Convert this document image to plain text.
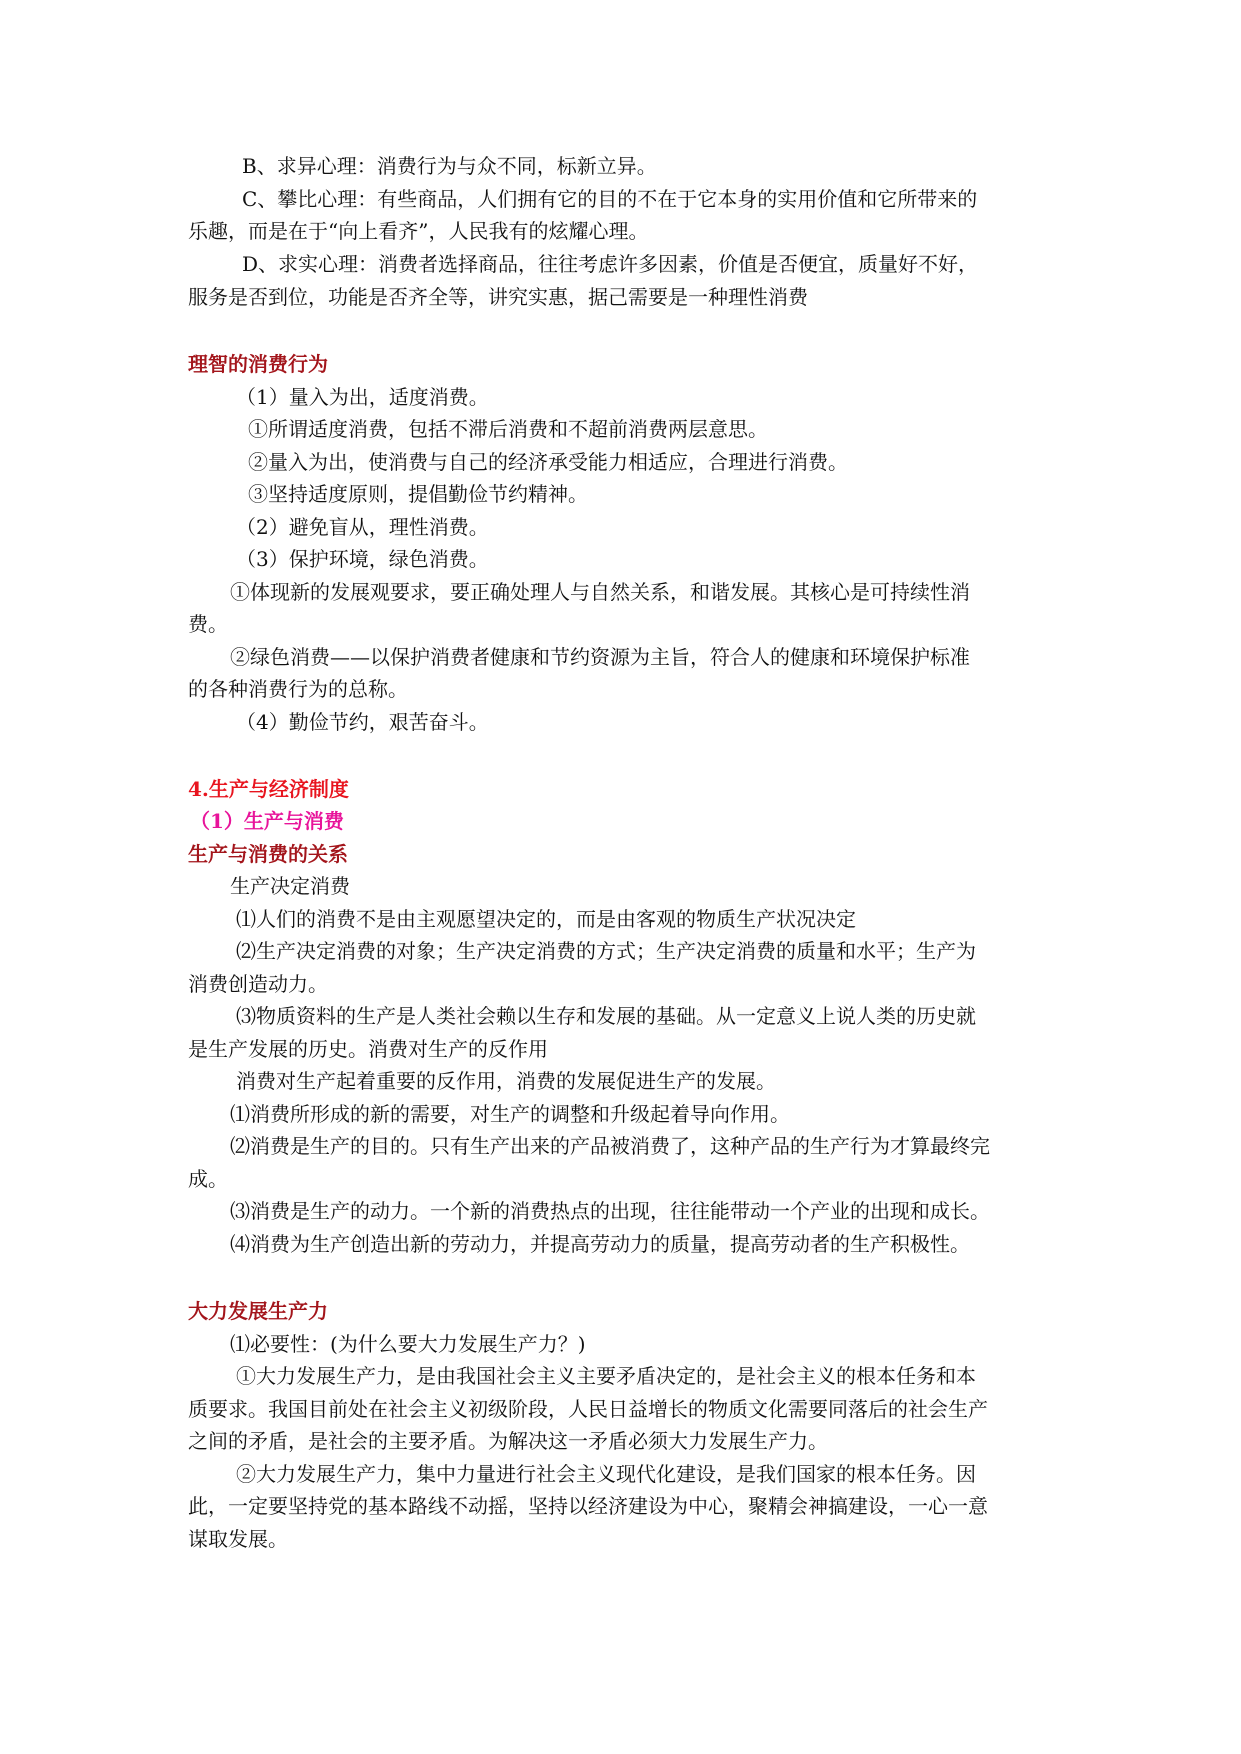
B、求异心理：消费行为与众不同，标新立异。
C、攀比心理：有些商品，人们拥有它的目的不在于它本身的实用价值和它所带来的
乐趣，而是在于“向上看齐”，人民我有的炫耀心理。
D、求实心理：消费者选择商品，往往考虑许多因素，价值是否便宜，质量好不好，
服务是否到位，功能是否齐全等，讲究实惠，据己需要是一种理性消费
理智的消费行为
（1）量入为出，适度消费。
①所谓适度消费，包括不滞后消费和不超前消费两层意思。
②量入为出，使消费与自己的经济承受能力相适应，合理进行消费。
③坚持适度原则，提倡勤俭节约精神。
（2）避免盲从，理性消费。
（3）保护环境，绿色消费。
①体现新的发展观要求，要正确处理人与自然关系，和谐发展。其核心是可持续性消
费。
②绿色消费——以保护消费者健康和节约资源为主旨，符合人的健康和环境保护标准
的各种消费行为的总称。
（4）勤俭节约，艰苦奋斗。
4.生产与经济制度
（1）生产与消费
生产与消费的关系
生产决定消费
⑴人们的消费不是由主观愿望决定的，而是由客观的物质生产状况决定
⑵生产决定消费的对象；生产决定消费的方式；生产决定消费的质量和水平；生产为
消费创造动力。
⑶物质资料的生产是人类社会赖以生存和发展的基础。从一定意义上说人类的历史就
是生产发展的历史。消费对生产的反作用
消费对生产起着重要的反作用，消费的发展促进生产的发展。
⑴消费所形成的新的需要，对生产的调整和升级起着导向作用。
⑵消费是生产的目的。只有生产出来的产品被消费了，这种产品的生产行为才算最终完
成。
⑶消费是生产的动力。一个新的消费热点的出现，往往能带动一个产业的出现和成长。
⑷消费为生产创造出新的劳动力，并提高劳动力的质量，提高劳动者的生产积极性。
大力发展生产力
⑴必要性：(为什么要大力发展生产力？)
①大力发展生产力，是由我国社会主义主要矛盾决定的，是社会主义的根本任务和本
质要求。我国目前处在社会主义初级阶段，人民日益增长的物质文化需要同落后的社会生产
之间的矛盾，是社会的主要矛盾。为解决这一矛盾必须大力发展生产力。
②大力发展生产力，集中力量进行社会主义现代化建设，是我们国家的根本任务。因
此，一定要坚持党的基本路线不动摇，坚持以经济建设为中心，聚精会神搞建设，一心一意
谋取发展。
